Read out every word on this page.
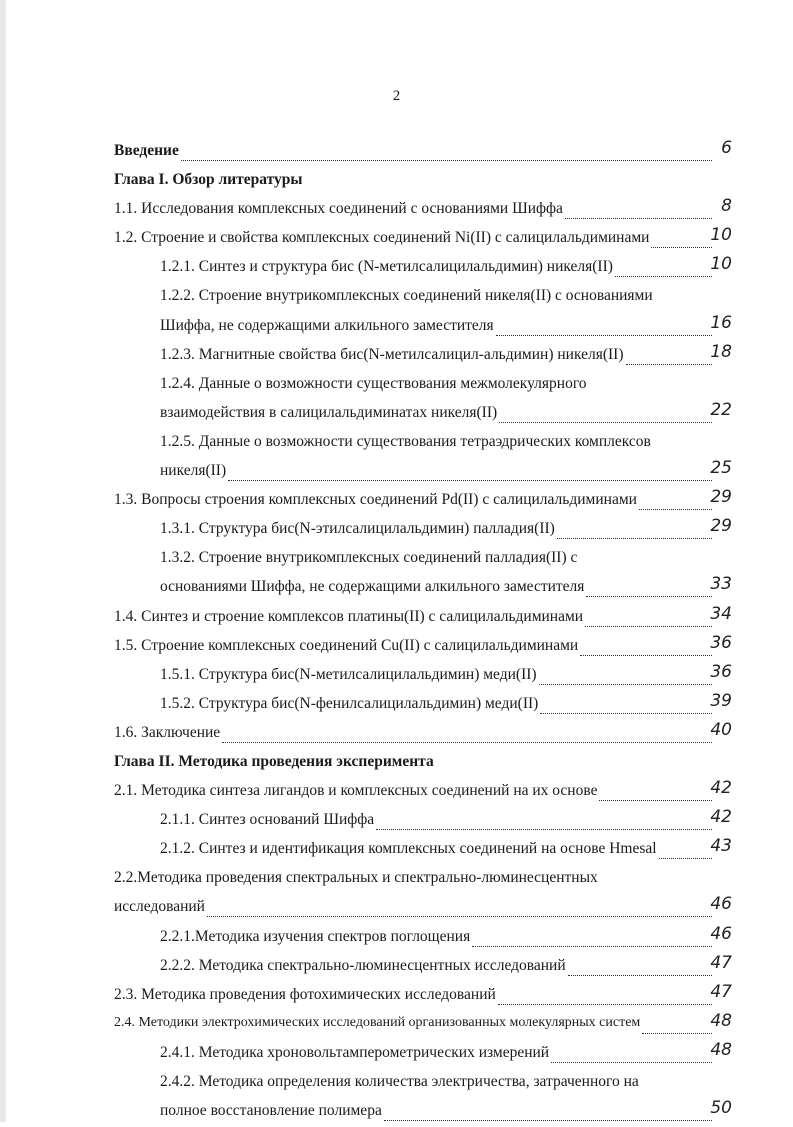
2
Введение	6
Глава I. Обзор литературы
1.1. Исследования комплексных соединений с основаниями Шиффа	8
1.2. Строение и свойства комплексных соединений Ni(II) с салицилальдиминами	10
1.2.1. Синтез и структура бис (N-метилсалицилальдимин) никеля(II)	10
1.2.2. Строение внутрикомплексных соединений никеля(II) с основаниями
Шиффа, не содержащими алкильного заместителя	16
1.2.3. Магнитные свойства бис(N-метилсалицил-альдимин) никеля(II)	18
1.2.4. Данные о возможности существования межмолекулярного
взаимодействия в салицилальдиминатах никеля(II)	22
1.2.5. Данные о возможности существования тетраэдрических комплексов
никеля(II)	25
1.3. Вопросы строения комплексных соединений Pd(II) с салицилальдиминами	29
1.3.1. Структура бис(N-этилсалицилальдимин) палладия(II)	29
1.3.2. Строение внутрикомплексных соединений палладия(II) с
основаниями Шиффа, не содержащими алкильного заместителя	33
1.4. Синтез и строение комплексов платины(II) с салицилальдиминами	34
1.5. Строение комплексных соединений Cu(II) с салицилальдиминами	36
1.5.1. Структура бис(N-метилсалицилальдимин) меди(II)	36
1.5.2. Структура бис(N-фенилсалицилальдимин) меди(II)	39
1.6. Заключение	40
Глава II. Методика проведения эксперимента
2.1. Методика синтеза лигандов и комплексных соединений на их основе	42
2.1.1. Синтез оснований Шиффа	42
2.1.2. Синтез и идентификация комплексных соединений на основе Hmesal	43
2.2.Методика проведения спектральных и спектрально-люминесцентных
исследований	46
2.2.1.Методика изучения спектров поглощения	46
2.2.2. Методика спектрально-люминесцентных исследований	47
2.3. Методика проведения фотохимических исследований	47
2.4. Методики электрохимических исследований организованных молекулярных систем	48
2.4.1. Методика хроновольтамперометрических измерений	48
2.4.2. Методика определения количества электричества, затраченного на
полное восстановление полимера	50
